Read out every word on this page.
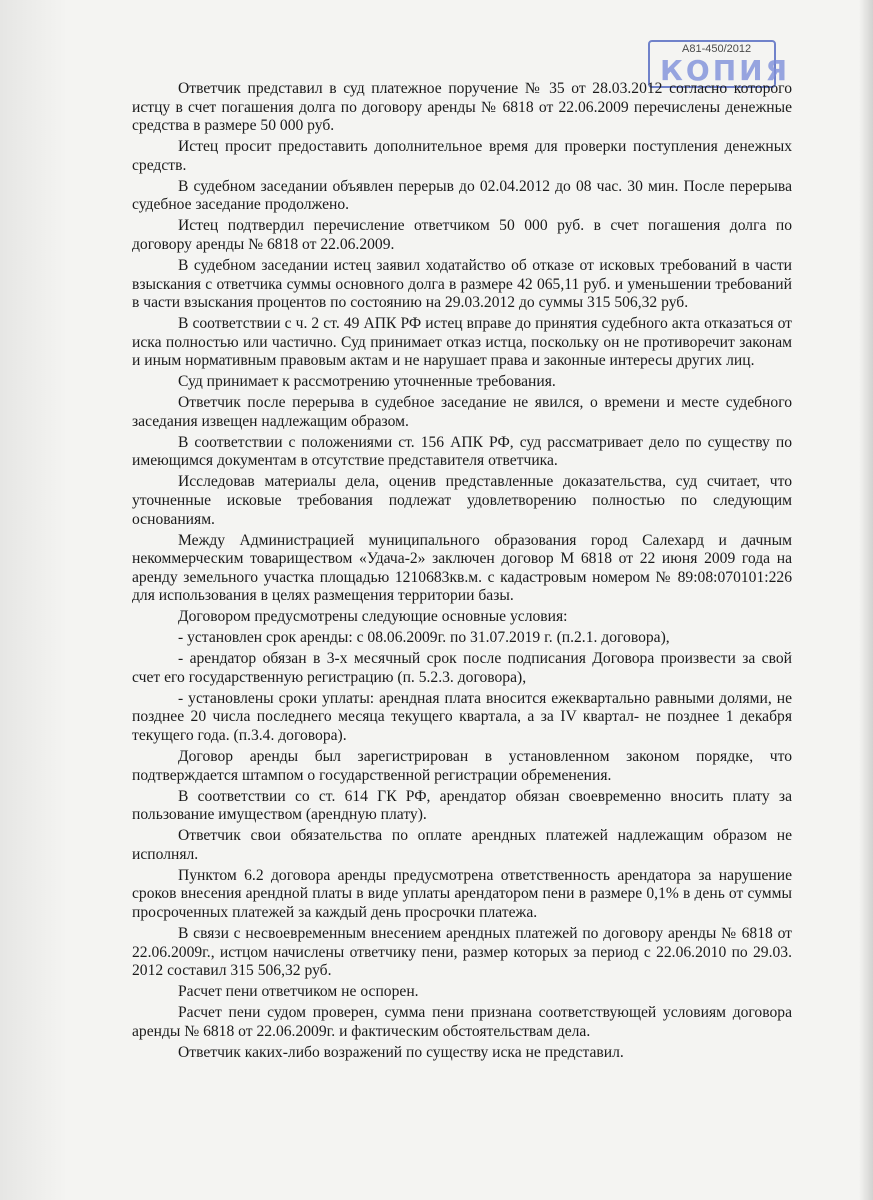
А81-450/2012
КОПИЯ

Ответчик представил в суд платежное поручение № 35 от 28.03.2012 согласно которого истцу в счет погашения долга по договору аренды № 6818 от 22.06.2009 перечислены денежные средства в размере 50 000 руб.

Истец просит предоставить дополнительное время для проверки поступления денежных средств.

В судебном заседании объявлен перерыв до 02.04.2012 до 08 час. 30 мин. После перерыва судебное заседание продолжено.

Истец подтвердил перечисление ответчиком 50 000 руб. в счет погашения долга по договору аренды № 6818 от 22.06.2009.

В судебном заседании истец заявил ходатайство об отказе от исковых требований в части взыскания с ответчика суммы основного долга в размере 42 065,11 руб. и уменьшении требований в части взыскания процентов по состоянию на 29.03.2012 до суммы 315 506,32 руб.

В соответствии с ч. 2 ст. 49 АПК РФ истец вправе до принятия судебного акта отказаться от иска полностью или частично. Суд принимает отказ истца, поскольку он не противоречит законам и иным нормативным правовым актам и не нарушает права и законные интересы других лиц.

Суд принимает к рассмотрению уточненные требования.

Ответчик после перерыва в судебное заседание не явился, о времени и месте судебного заседания извещен надлежащим образом.

В соответствии с положениями ст. 156 АПК РФ, суд рассматривает дело по существу по имеющимся документам в отсутствие представителя ответчика.

Исследовав материалы дела, оценив представленные доказательства, суд считает, что уточненные исковые требования подлежат удовлетворению полностью по следующим основаниям.

Между Администрацией муниципального образования город Салехард и дачным некоммерческим товариществом «Удача-2» заключен договор М 6818 от 22 июня 2009 года на аренду земельного участка площадью 1210683кв.м. с кадастровым номером № 89:08:070101:226 для использования в целях размещения территории базы.

Договором предусмотрены следующие основные условия:

- установлен срок аренды: с 08.06.2009г. по 31.07.2019 г. (п.2.1. договора),

- арендатор обязан в 3-х месячный срок после подписания Договора произвести за свой счет его государственную регистрацию (п. 5.2.3. договора),

- установлены сроки уплаты: арендная плата вносится ежеквартально равными долями, не позднее 20 числа последнего месяца текущего квартала, а за IV квартал- не позднее 1 декабря текущего года. (п.3.4. договора).

Договор аренды был зарегистрирован в установленном законом порядке, что подтверждается штампом о государственной регистрации обременения.

В соответствии со ст. 614 ГК РФ, арендатор обязан своевременно вносить плату за пользование имуществом (арендную плату).

Ответчик свои обязательства по оплате арендных платежей надлежащим образом не исполнял.

Пунктом 6.2 договора аренды предусмотрена ответственность арендатора за нарушение сроков внесения арендной платы в виде уплаты арендатором пени в размере 0,1% в день от суммы просроченных платежей за каждый день просрочки платежа.

В связи с несвоевременным внесением арендных платежей по договору аренды № 6818 от 22.06.2009г., истцом начислены ответчику пени, размер которых за период с 22.06.2010 по 29.03. 2012 составил 315 506,32 руб.

Расчет пени ответчиком не оспорен.

Расчет пени судом проверен, сумма пени признана соответствующей условиям договора аренды № 6818 от 22.06.2009г. и фактическим обстоятельствам дела.

Ответчик каких-либо возражений по существу иска не представил.
